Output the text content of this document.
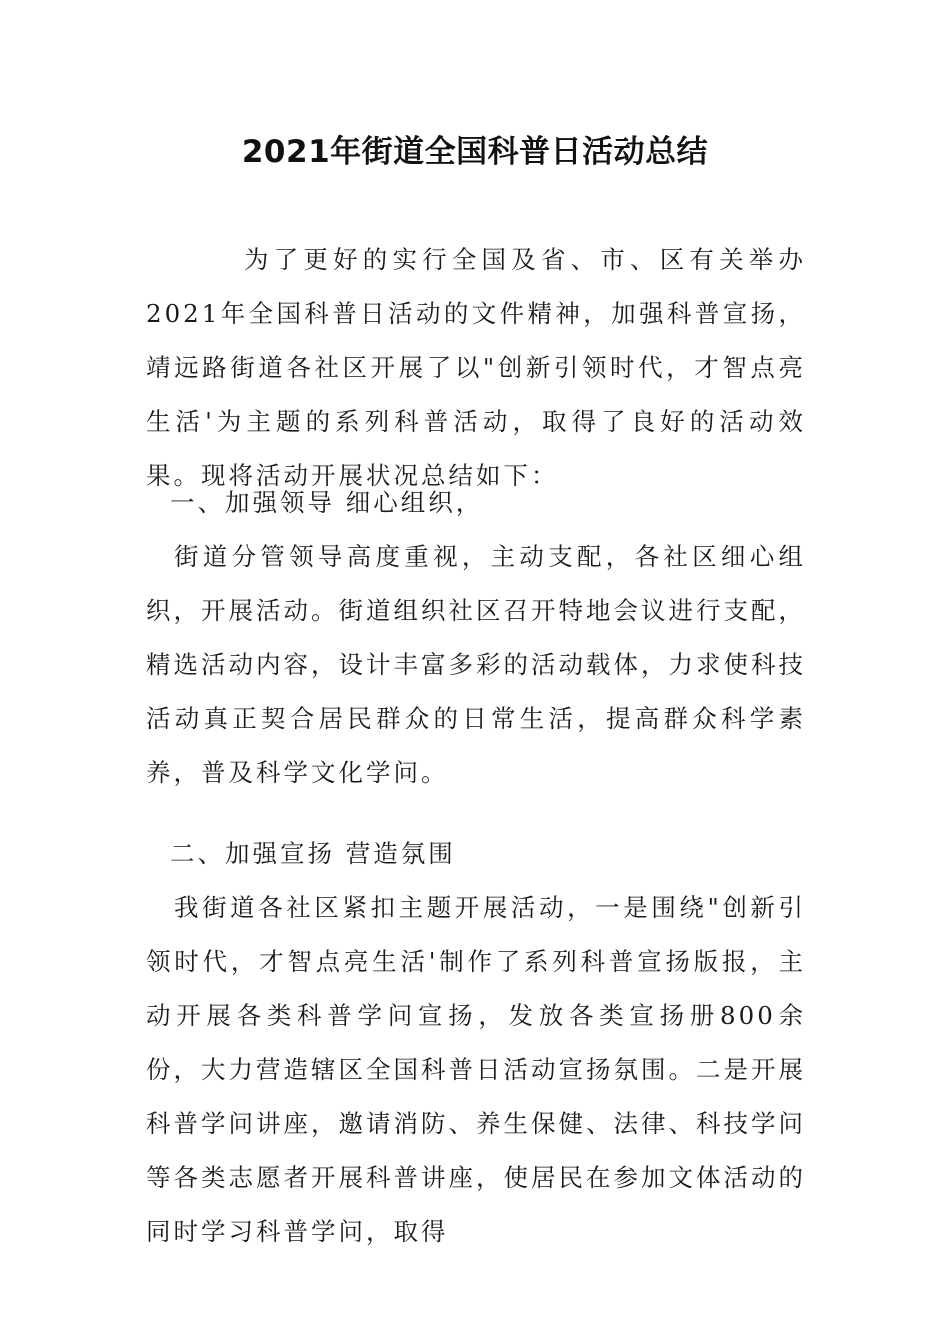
2021年街道全国科普日活动总结

为了更好的实行全国及省、市、区有关举办2021年全国科普日活动的文件精神，加强科普宣扬，靖远路街道各社区开展了以"创新引领时代，才智点亮生活'为主题的系列科普活动，取得了良好的活动效果。现将活动开展状况总结如下：

一、加强领导 细心组织，

街道分管领导高度重视，主动支配，各社区细心组织，开展活动。街道组织社区召开特地会议进行支配，精选活动内容，设计丰富多彩的活动载体，力求使科技活动真正契合居民群众的日常生活，提高群众科学素养，普及科学文化学问。

二、加强宣扬 营造氛围

我街道各社区紧扣主题开展活动，一是围绕"创新引领时代，才智点亮生活'制作了系列科普宣扬版报，主动开展各类科普学问宣扬，发放各类宣扬册800余份，大力营造辖区全国科普日活动宣扬氛围。二是开展科普学问讲座，邀请消防、养生保健、法律、科技学问等各类志愿者开展科普讲座，使居民在参加文体活动的同时学习科普学问，取得
